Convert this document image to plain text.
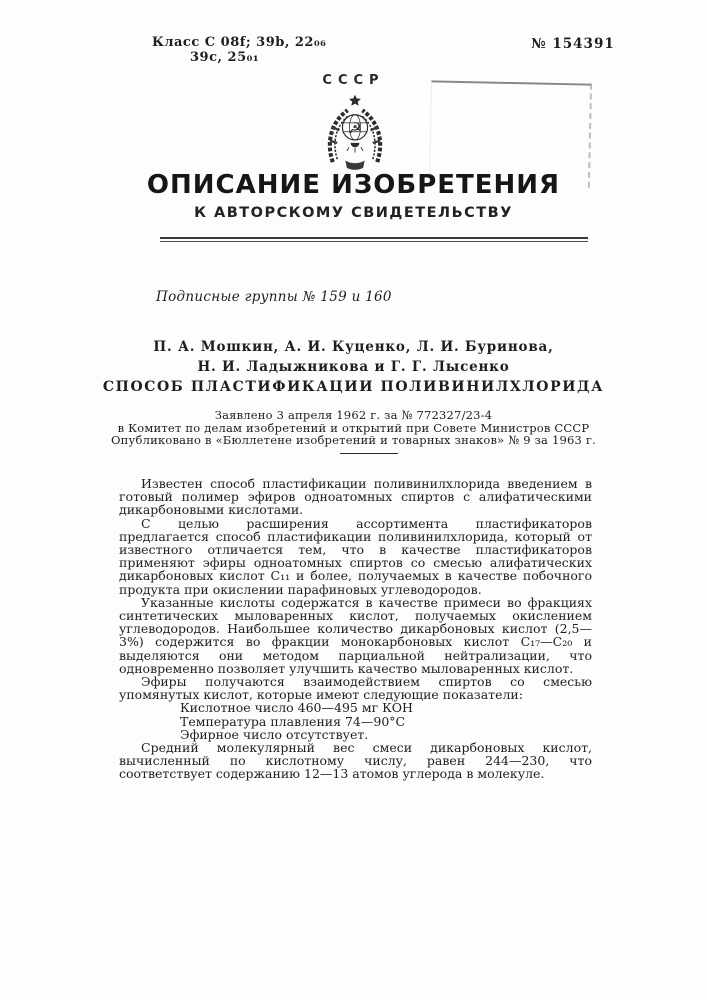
Класс C 08f; 39b, 22₀₆
39c, 25₀₁
№ 154391
СССР
☭
ОПИСАНИЕ ИЗОБРЕТЕНИЯ
К АВТОРСКОМУ СВИДЕТЕЛЬСТВУ
Подписные группы № 159 и 160
П. А. Мошкин, А. И. Куценко, Л. И. Буринова,
Н. И. Ладыжникова и Г. Г. Лысенко
СПОСОБ ПЛАСТИФИКАЦИИ ПОЛИВИНИЛХЛОРИДА
Заявлено 3 апреля 1962 г. за № 772327/23-4
в Комитет по делам изобретений и открытий при Совете Министров СССР
Опубликовано в «Бюллетене изобретений и товарных знаков» № 9 за 1963 г.

Известен способ пластификации поливинилхлорида введением в готовый полимер эфиров одноатомных спиртов с алифатическими дикарбоновыми кислотами.

С целью расширения ассортимента пластификаторов предлагается способ пластификации поливинилхлорида, который от известного отличается тем, что в качестве пластификаторов применяют эфиры одноатомных спиртов со смесью алифатических дикарбоновых кислот C₁₁ и более, получаемых в качестве побочного продукта при окислении парафиновых углеводородов.

Указанные кислоты содержатся в качестве примеси во фракциях синтетических мыловаренных кислот, получаемых окислением углеводородов. Наибольшее количество дикарбоновых кислот (2,5—3%) содержится во фракции монокарбоновых кислот C₁₇—C₂₀ и выделяются они методом парциальной нейтрализации, что одновременно позволяет улучшить качество мыловаренных кислот.

Эфиры получаются взаимодействием спиртов со смесью упомянутых кислот, которые имеют следующие показатели:

Кислотное число 460—495 мг КОН

Температура плавления 74—90°С

Эфирное число отсутствует.

Средний молекулярный вес смеси дикарбоновых кислот, вычисленный по кислотному числу, равен 244—230, что соответствует содержанию 12—13 атомов углерода в молекуле.
